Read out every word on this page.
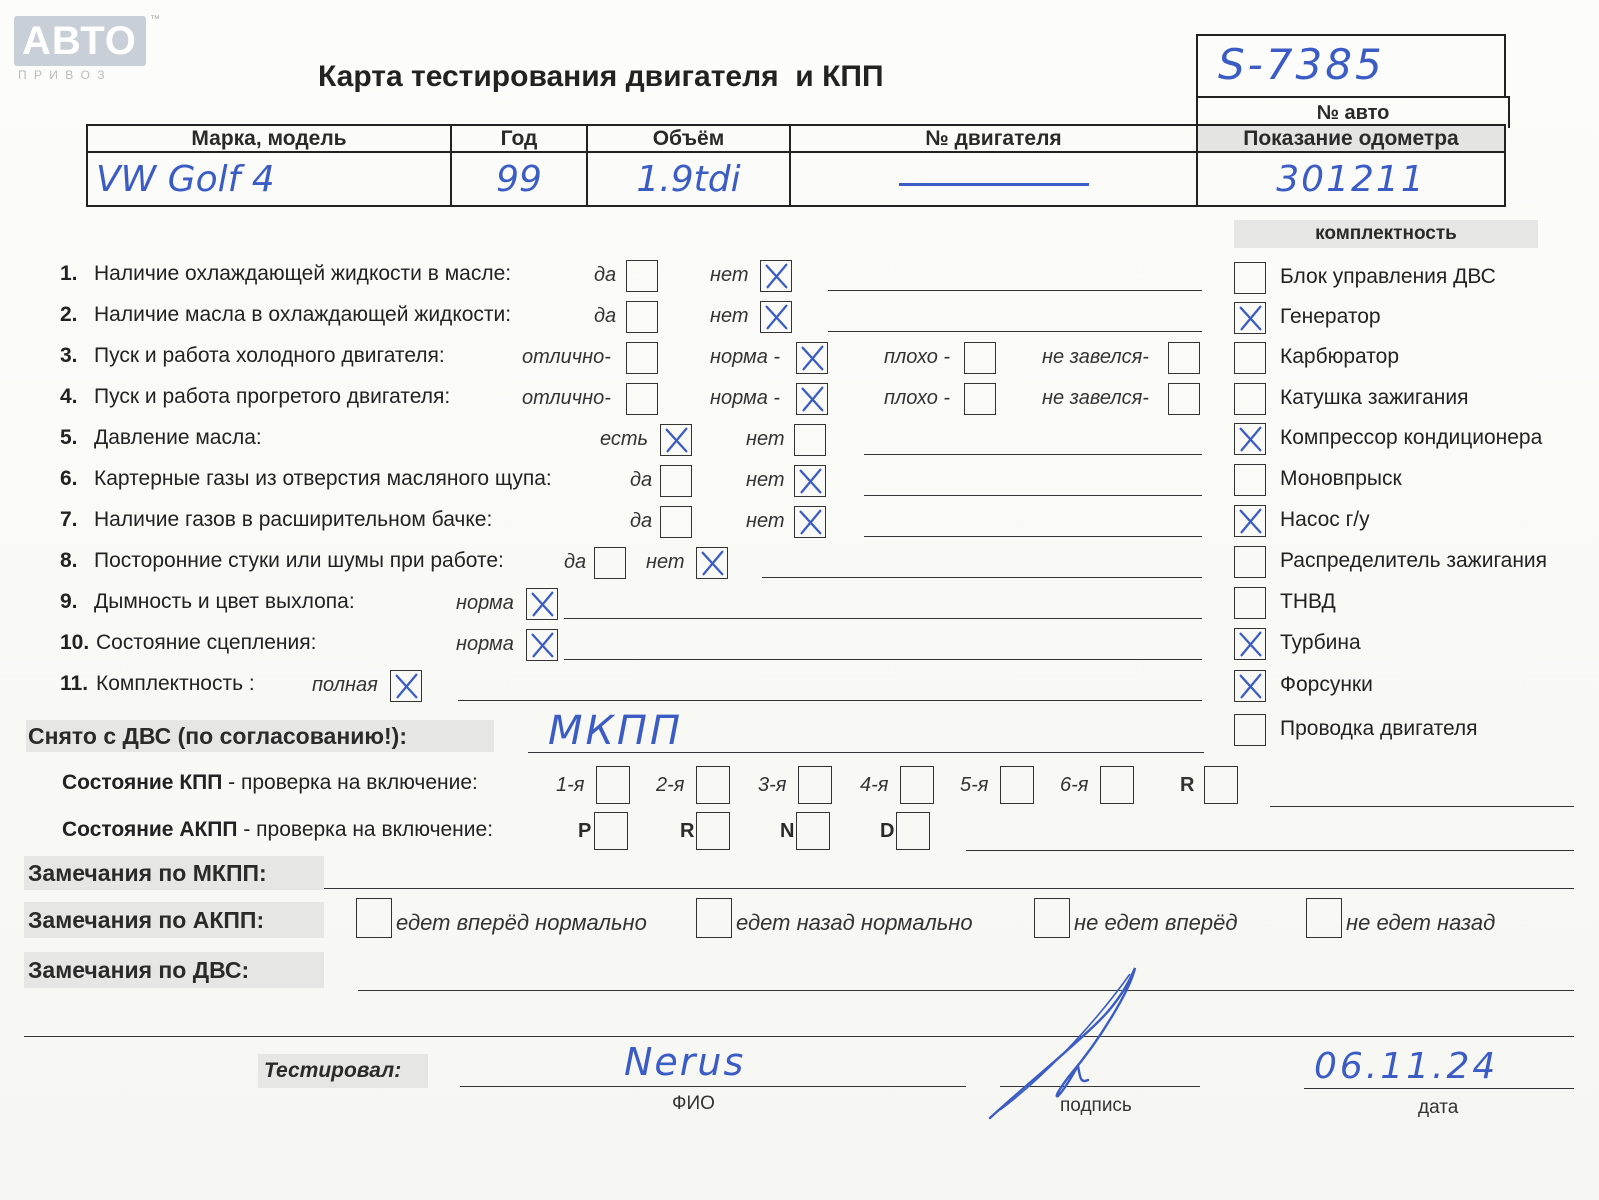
АВТО ™
П Р И В О З	Карта тестирования двигателя  и КПП	S-7385
№ авто
Марка, модель	Год	Объём	№ двигателя	Показание одометра
VW Golf 4	99	1.9tdi		301211
комплектность
Блок управления ДВС
Генератор
Карбюратор
Катушка зажигания
Компрессор кондиционера
Моновпрыск
Насос г/у
Распределитель зажигания
ТНВД
Турбина
Форсунки
Проводка двигателя
1. Наличие охлаждающей жидкости в масле:	да	нет
2. Наличие масла в охлаждающей жидкости:	да	нет
3. Пуск и работа холодного двигателя:	отлично-	норма -	плохо -	не завелся-
4. Пуск и работа прогретого двигателя:	отлично-	норма -	плохо -	не завелся-
5. Давление масла:	есть	нет
6. Картерные газы из отверстия масляного щупа:	да	нет
7. Наличие газов в расширительном бачке:	да	нет
8. Посторонние стуки или шумы при работе:	да	нет
9. Дымность и цвет выхлопа:	норма
10. Состояние сцепления:	норма
11. Комплектность :	полная
Снято с ДВС (по согласованию!):	МКПП
Состояние КПП - проверка на включение:	1-я	2-я	3-я	4-я	5-я	6-я	R
Состояние АКПП - проверка на включение:	P	R	N	D
Замечания по МКПП:
Замечания по АКПП:	едет вперёд нормально	едет назад нормально	не едет вперёд	не едет назад
Замечания по ДВС:
Тестировал:	Nerus
ФИО	подпись
06.11.24
дата
